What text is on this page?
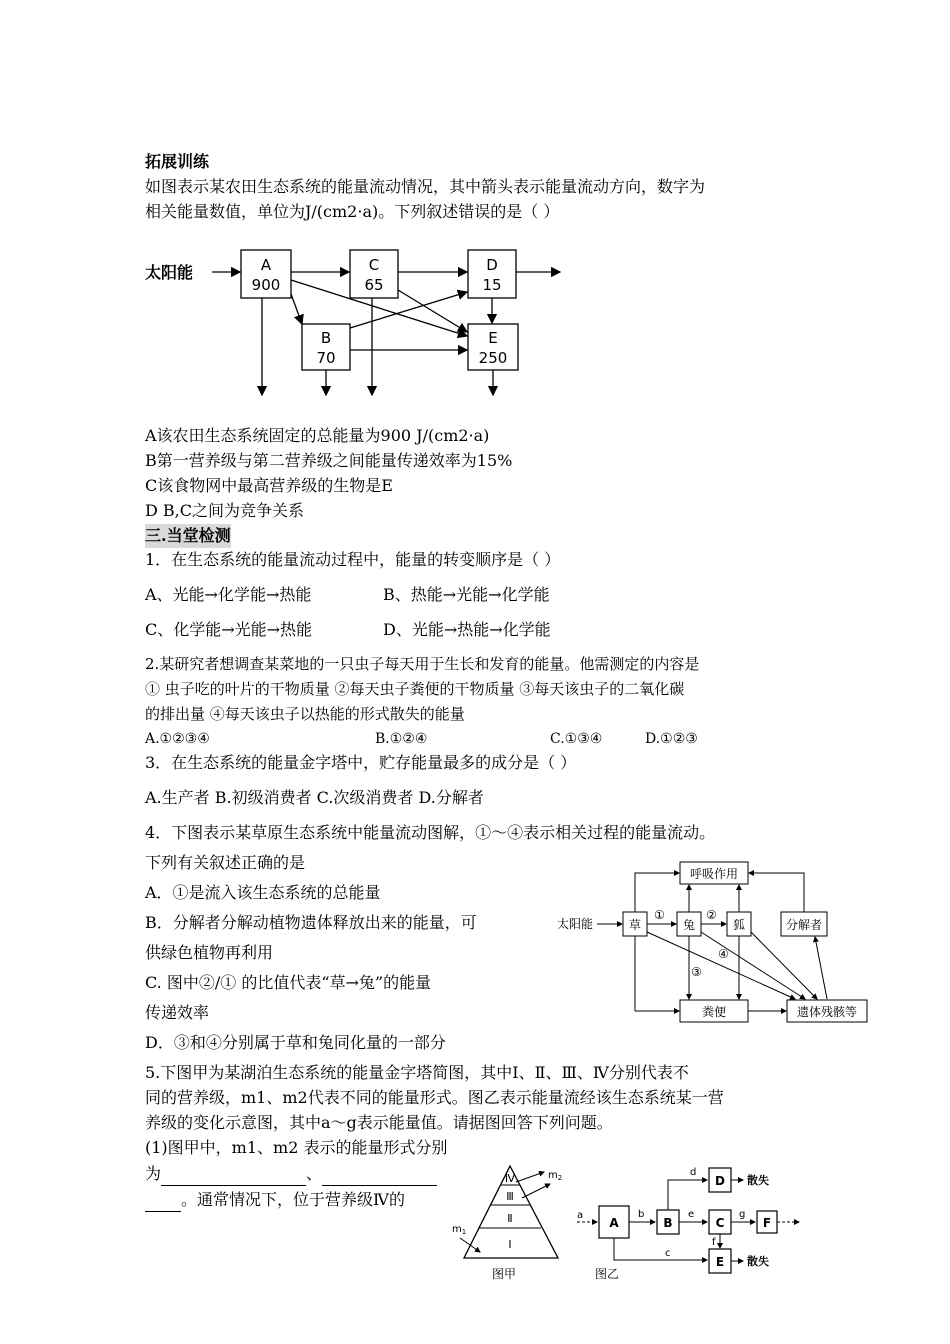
拓展训练
如图表示某农田生态系统的能量流动情况，其中箭头表示能量流动方向，数字为
相关能量数值，单位为J/(cm2·a)。下列叙述错误的是（ ）
太阳能	A
900
C
65
D
15
B
70
E
250
A该农田生态系统固定的总能量为900 J/(cm2·a)
B第一营养级与第二营养级之间能量传递效率为15%
C该食物网中最高营养级的生物是E
D B,C之间为竞争关系
三.当堂检测
1．在生态系统的能量流动过程中，能量的转变顺序是（ ）
A、光能→化学能→热能	B、热能→光能→化学能
C、化学能→光能→热能	D、光能→热能→化学能
2.某研究者想调查某菜地的一只虫子每天用于生长和发育的能量。他需测定的内容是
① 虫子吃的叶片的干物质量 ②每天虫子粪便的干物质量 ③每天该虫子的二氧化碳
的排出量 ④每天该虫子以热能的形式散失的能量
A.①②③④	B.①②④	C.①③④	D.①②③
3．在生态系统的能量金字塔中，贮存能量最多的成分是（ ）
A.生产者 B.初级消费者 C.次级消费者 D.分解者
4．下图表示某草原生态系统中能量流动图解，①～④表示相关过程的能量流动。
下列有关叙述正确的是
A．①是流入该生态系统的总能量
B．分解者分解动植物遗体释放出来的能量，可
供绿色植物再利用
C. 图中②/① 的比值代表“草→兔”的能量
传递效率
D．③和④分别属于草和兔同化量的一部分
呼吸作用
太阳能	草	兔	狐	分解者
粪便	遗体残骸等
①	②
③
④
5.下图甲为某湖泊生态系统的能量金字塔简图，其中Ⅰ、Ⅱ、Ⅲ、Ⅳ分别代表不
同的营养级，m1、m2代表不同的能量形式。图乙表示能量流经该生态系统某一营
养级的变化示意图，其中a～g表示能量值。请据图回答下列问题。
(1)图甲中，m1、m2 表示的能量形式分别
为	、
。通常情况下，位于营养级Ⅳ的
Ⅳ
Ⅲ
Ⅱ
Ⅰ
$m_1$
$m_2$
图甲
a
A
b
B
e
C
g
F
d
D 散失
f
c
E 散失
图乙
